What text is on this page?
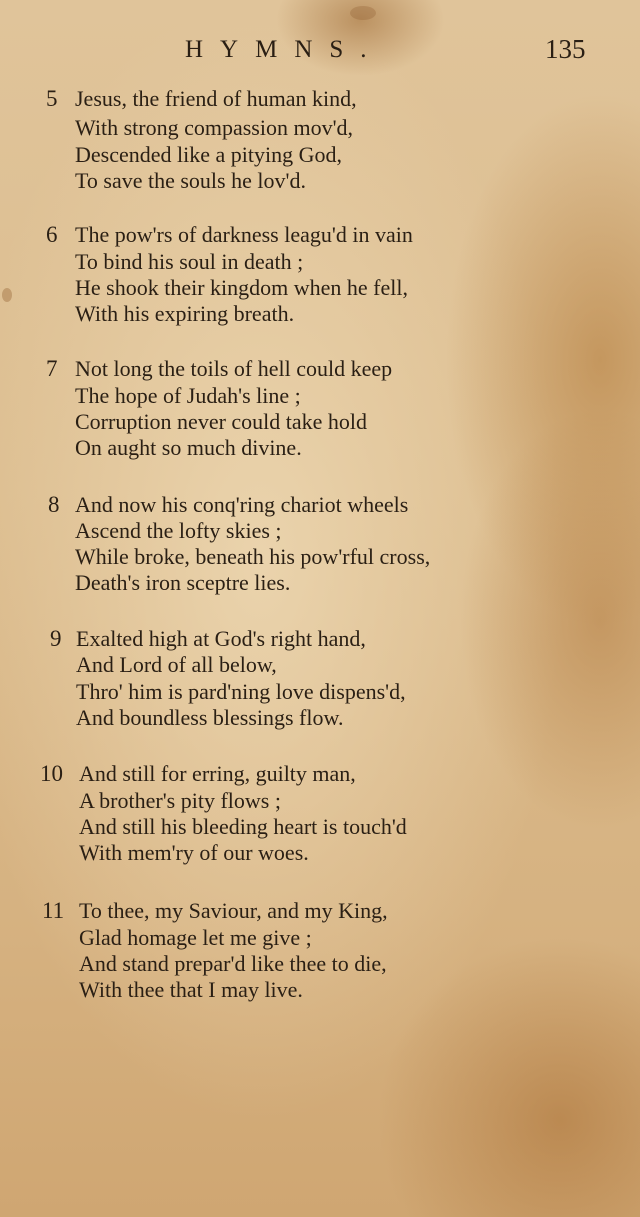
HYMNS.	135
5 Jesus, the friend of human kind,
With strong compassion mov'd,
Descended like a pitying God,
To save the souls he lov'd.
6 The pow'rs of darkness leagu'd in vain
To bind his soul in death ;
He shook their kingdom when he fell,
With his expiring breath.
7 Not long the toils of hell could keep
The hope of Judah's line ;
Corruption never could take hold
On aught so much divine.
8 And now his conq'ring chariot wheels
Ascend the lofty skies ;
While broke, beneath his pow'rful cross,
Death's iron sceptre lies.
9 Exalted high at God's right hand,
And Lord of all below,
Thro' him is pard'ning love dispens'd,
And boundless blessings flow.
10 And still for erring, guilty man,
A brother's pity flows ;
And still his bleeding heart is touch'd
With mem'ry of our woes.
11 To thee, my Saviour, and my King,
Glad homage let me give ;
And stand prepar'd like thee to die,
With thee that I may live.
